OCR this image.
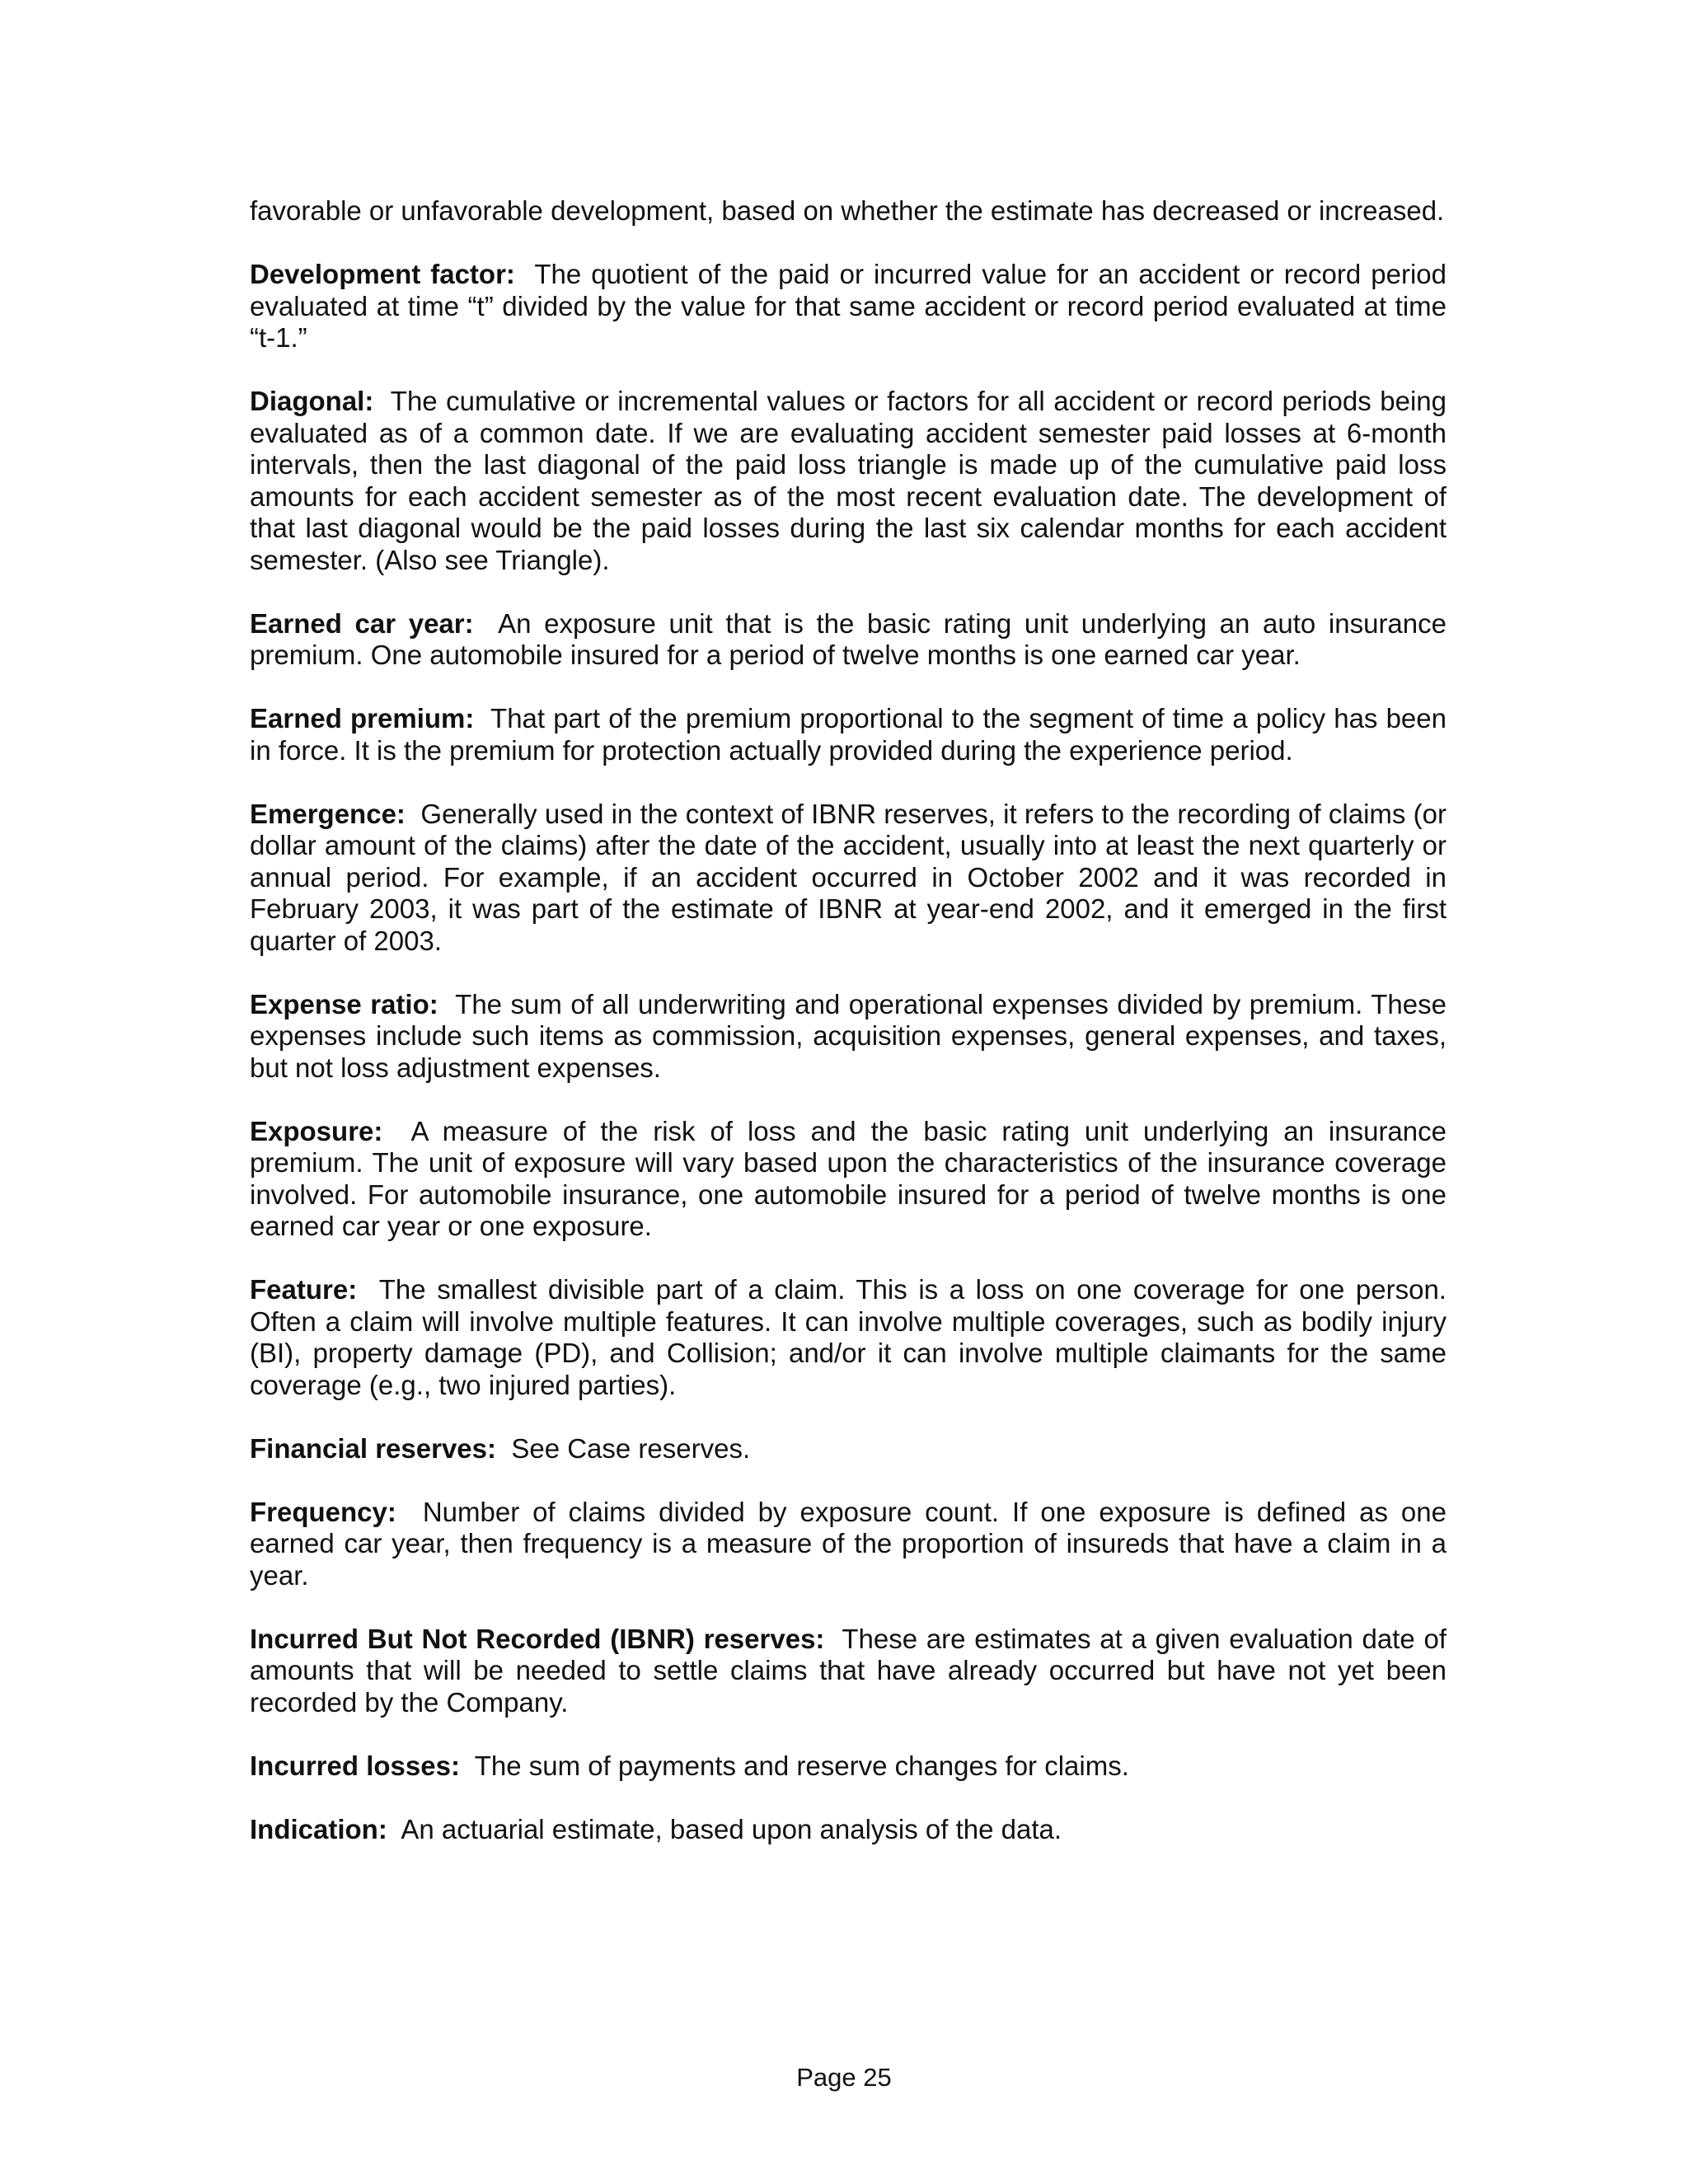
favorable or unfavorable development, based on whether the estimate has decreased or increased.

Development factor: The quotient of the paid or incurred value for an accident or record period evaluated at time “t” divided by the value for that same accident or record period evaluated at time “t-1.”

Diagonal: The cumulative or incremental values or factors for all accident or record periods being evaluated as of a common date. If we are evaluating accident semester paid losses at 6-month intervals, then the last diagonal of the paid loss triangle is made up of the cumulative paid loss amounts for each accident semester as of the most recent evaluation date. The development of that last diagonal would be the paid losses during the last six calendar months for each accident semester. (Also see Triangle).

Earned car year: An exposure unit that is the basic rating unit underlying an auto insurance premium. One automobile insured for a period of twelve months is one earned car year.

Earned premium: That part of the premium proportional to the segment of time a policy has been in force. It is the premium for protection actually provided during the experience period.

Emergence: Generally used in the context of IBNR reserves, it refers to the recording of claims (or dollar amount of the claims) after the date of the accident, usually into at least the next quarterly or annual period. For example, if an accident occurred in October 2002 and it was recorded in February 2003, it was part of the estimate of IBNR at year-end 2002, and it emerged in the first quarter of 2003.

Expense ratio: The sum of all underwriting and operational expenses divided by premium. These expenses include such items as commission, acquisition expenses, general expenses, and taxes, but not loss adjustment expenses.

Exposure: A measure of the risk of loss and the basic rating unit underlying an insurance premium. The unit of exposure will vary based upon the characteristics of the insurance coverage involved. For automobile insurance, one automobile insured for a period of twelve months is one earned car year or one exposure.

Feature: The smallest divisible part of a claim. This is a loss on one coverage for one person. Often a claim will involve multiple features. It can involve multiple coverages, such as bodily injury (BI), property damage (PD), and Collision; and/or it can involve multiple claimants for the same coverage (e.g., two injured parties).

Financial reserves: See Case reserves.

Frequency: Number of claims divided by exposure count. If one exposure is defined as one earned car year, then frequency is a measure of the proportion of insureds that have a claim in a year.

Incurred But Not Recorded (IBNR) reserves: These are estimates at a given evaluation date of amounts that will be needed to settle claims that have already occurred but have not yet been recorded by the Company.

Incurred losses: The sum of payments and reserve changes for claims.

Indication: An actuarial estimate, based upon analysis of the data.

Page 25
